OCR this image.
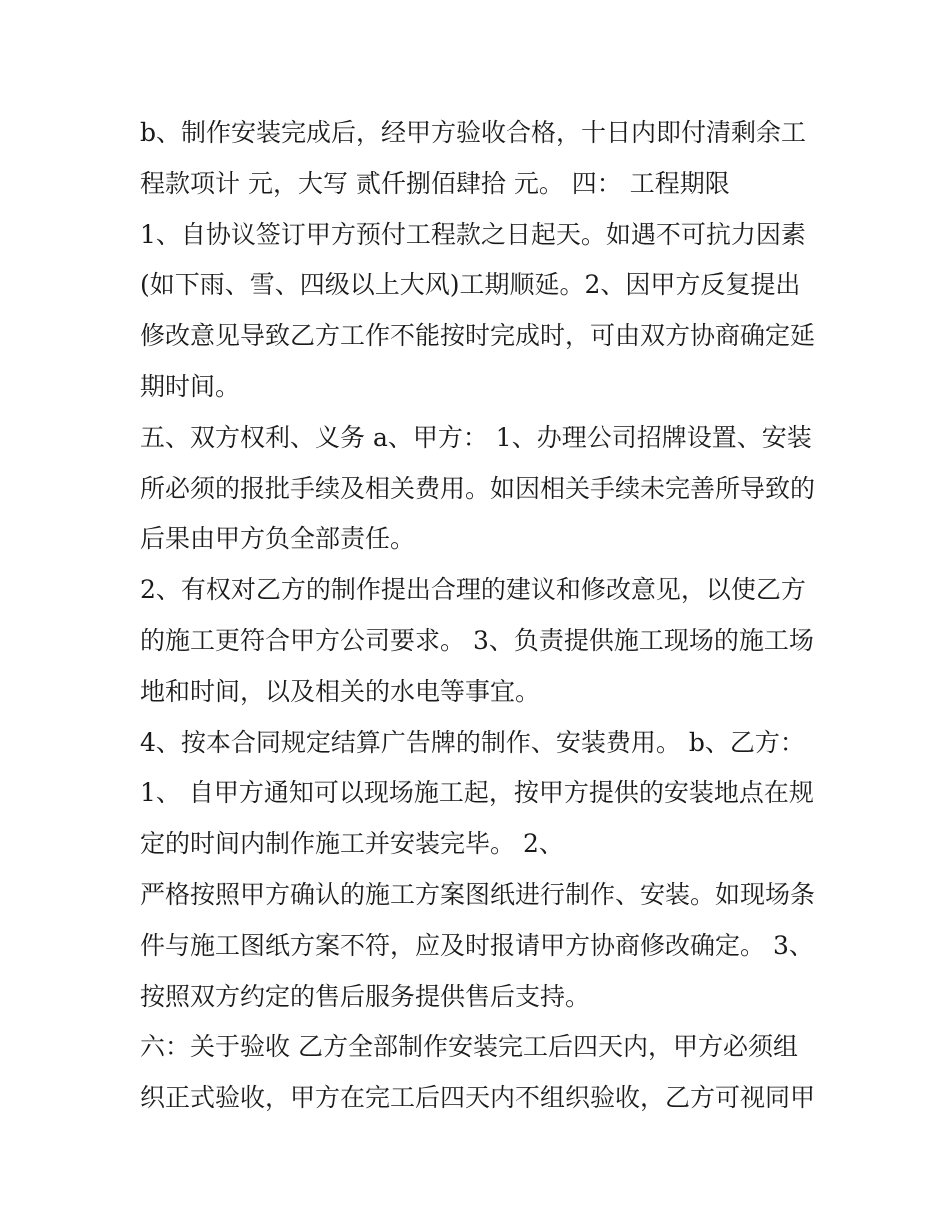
b、制作安装完成后，经甲方验收合格，十日内即付清剩余工
程款项计 元，大写 贰仟捌佰肆拾 元。 四： 工程期限
1、自协议签订甲方预付工程款之日起天。如遇不可抗力因素
(如下雨、雪、四级以上大风)工期顺延。2、因甲方反复提出
修改意见导致乙方工作不能按时完成时，可由双方协商确定延
期时间。
五、双方权利、义务 a、甲方： 1、办理公司招牌设置、安装
所必须的报批手续及相关费用。如因相关手续未完善所导致的
后果由甲方负全部责任。
2、有权对乙方的制作提出合理的建议和修改意见，以使乙方
的施工更符合甲方公司要求。 3、负责提供施工现场的施工场
地和时间，以及相关的水电等事宜。
4、按本合同规定结算广告牌的制作、安装费用。 b、乙方：
1、 自甲方通知可以现场施工起，按甲方提供的安装地点在规
定的时间内制作施工并安装完毕。 2、
严格按照甲方确认的施工方案图纸进行制作、安装。如现场条
件与施工图纸方案不符，应及时报请甲方协商修改确定。 3、
按照双方约定的售后服务提供售后支持。
六：关于验收 乙方全部制作安装完工后四天内，甲方必须组
织正式验收，甲方在完工后四天内不组织验收，乙方可视同甲
